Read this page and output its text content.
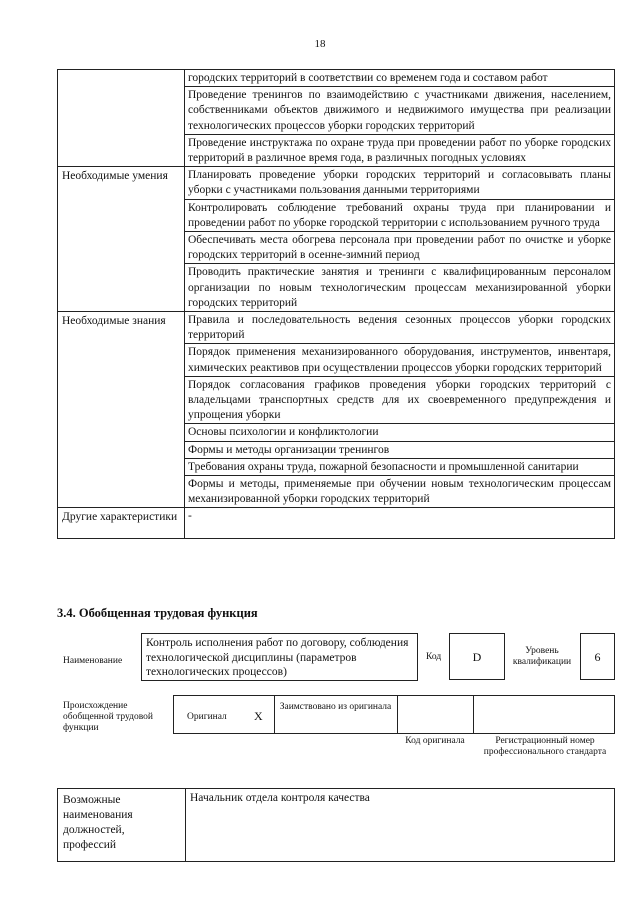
18
	городских территорий в соответствии со временем года и составом работ
	Проведение тренингов по взаимодействию с участниками движения, населением, собственниками объектов движимого и недвижимого имущества при реализации технологических процессов уборки городских территорий
	Проведение инструктажа по охране труда при проведении работ по уборке городских территорий в различное время года, в различных погодных условиях
Необходимые умения	Планировать проведение уборки городских территорий и согласовывать планы уборки с участниками пользования данными территориями
	Контролировать соблюдение требований охраны труда при планировании и проведении работ по уборке городской территории с использованием ручного труда
	Обеспечивать места обогрева персонала при проведении работ по очистке и уборке городских территорий в осенне-зимний период
	Проводить практические занятия и тренинги с квалифицированным персоналом организации по новым технологическим процессам механизированной уборки городских территорий
Необходимые знания	Правила и последовательность ведения сезонных процессов уборки городских территорий
	Порядок применения механизированного оборудования, инструментов, инвентаря, химических реактивов при осуществлении процессов уборки городских территорий
	Порядок согласования графиков проведения уборки городских территорий с владельцами транспортных средств для их своевременного предупреждения и упрощения уборки
	Основы психологии и конфликтологии
	Формы и методы организации тренингов
	Требования охраны труда, пожарной безопасности и промышленной санитарии
	Формы и методы, применяемые при обучении новым технологическим процессам механизированной уборки городских территорий
Другие характеристики	-
3.4. Обобщенная трудовая функция
Наименование
Контроль исполнения работ по договору, соблюдения технологической дисциплины (параметров технологических процессов)
Код	D	Уровень квалификации	6
Происхождение обобщенной трудовой функции
Оригинал X
Заимствовано из оригинала
Код оригинала	Регистрационный номер профессионального стандарта
Возможные наименования должностей, профессий	Начальник отдела контроля качества
